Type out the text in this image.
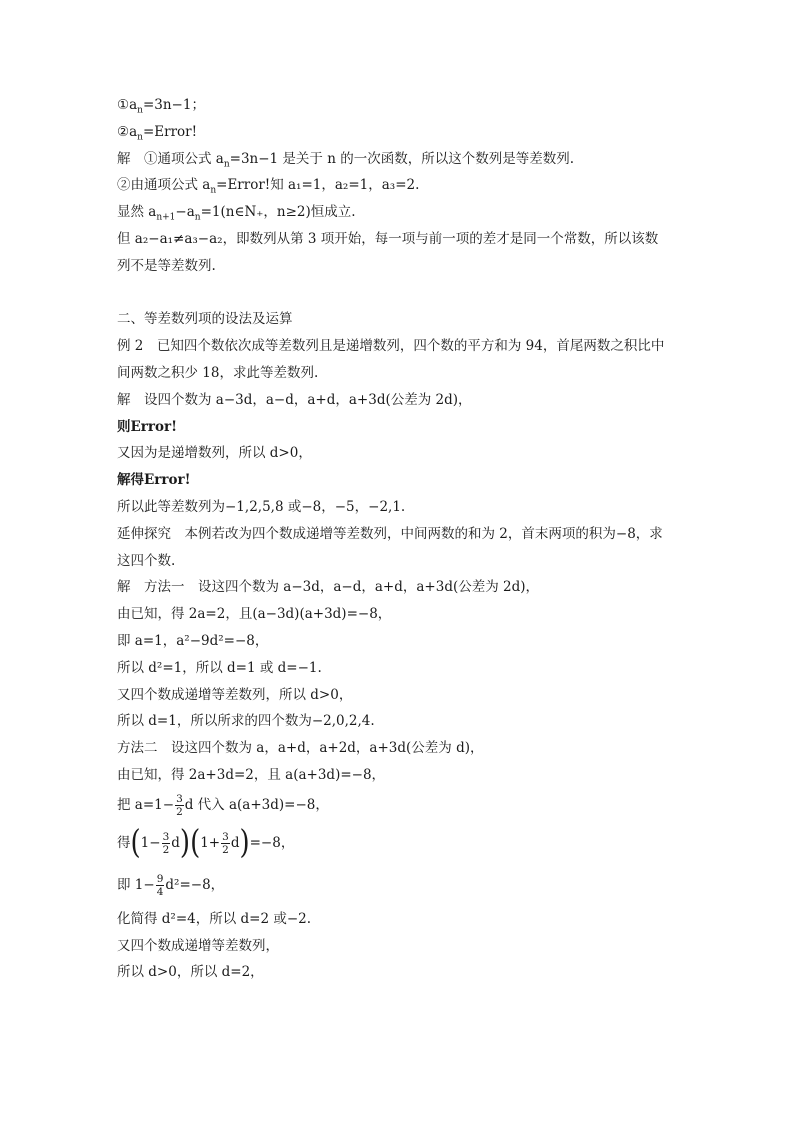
$①a_n=3n-1$；
$②a_n=Error$!
解　①通项公式 $a_n=3n-1$ 是关于 n 的一次函数，所以这个数列是等差数列.
②由通项公式 $a_n=Error$!知 a₁=1，a₂=1，a₃=2.
显然 $a_{n+1}-a_n=1(n\in N_+$，n≥2)恒成立.
但 a₂−a₁≠a₃−a₂，即数列从第 3 项开始，每一项与前一项的差才是同一个常数，所以该数
列不是等差数列.
二、等差数列项的设法及运算
例 2　已知四个数依次成等差数列且是递增数列，四个数的平方和为 94，首尾两数之积比中
间两数之积少 18，求此等差数列.
解　设四个数为 a−3d，a−d，a+d，a+3d(公差为 2d)，
则Error!
又因为是递增数列，所以 d>0，
解得Error!
所以此等差数列为−1,2,5,8 或−8，−5，−2,1.
延伸探究　本例若改为四个数成递增等差数列，中间两数的和为 2，首末两项的积为−8，求
这四个数.
解　方法一　设这四个数为 a−3d，a−d，a+d，a+3d(公差为 2d)，
由已知，得 2a=2，且(a−3d)(a+3d)=−8，
即 a=1，a²−9d²=−8，
所以 d²=1，所以 d=1 或 d=−1.
又四个数成递增等差数列，所以 d>0，
所以 d=1，所以所求的四个数为−2,0,2,4.
方法二　设这四个数为 a，a+d，a+2d，a+3d(公差为 d)，
由已知，得 2a+3d=2，且 a(a+3d)=−8，
把 $a=1- \frac{3}{2}$ d 代入 a(a+3d)=−8，
得$(1- \frac{3}{2} d)(1+ \frac{3}{2} d)=-8$，
即 $1- \frac{9}{4} d^2=-8$，
化简得 d²=4，所以 d=2 或−2.
又四个数成递增等差数列，
所以 d>0，所以 d=2，
